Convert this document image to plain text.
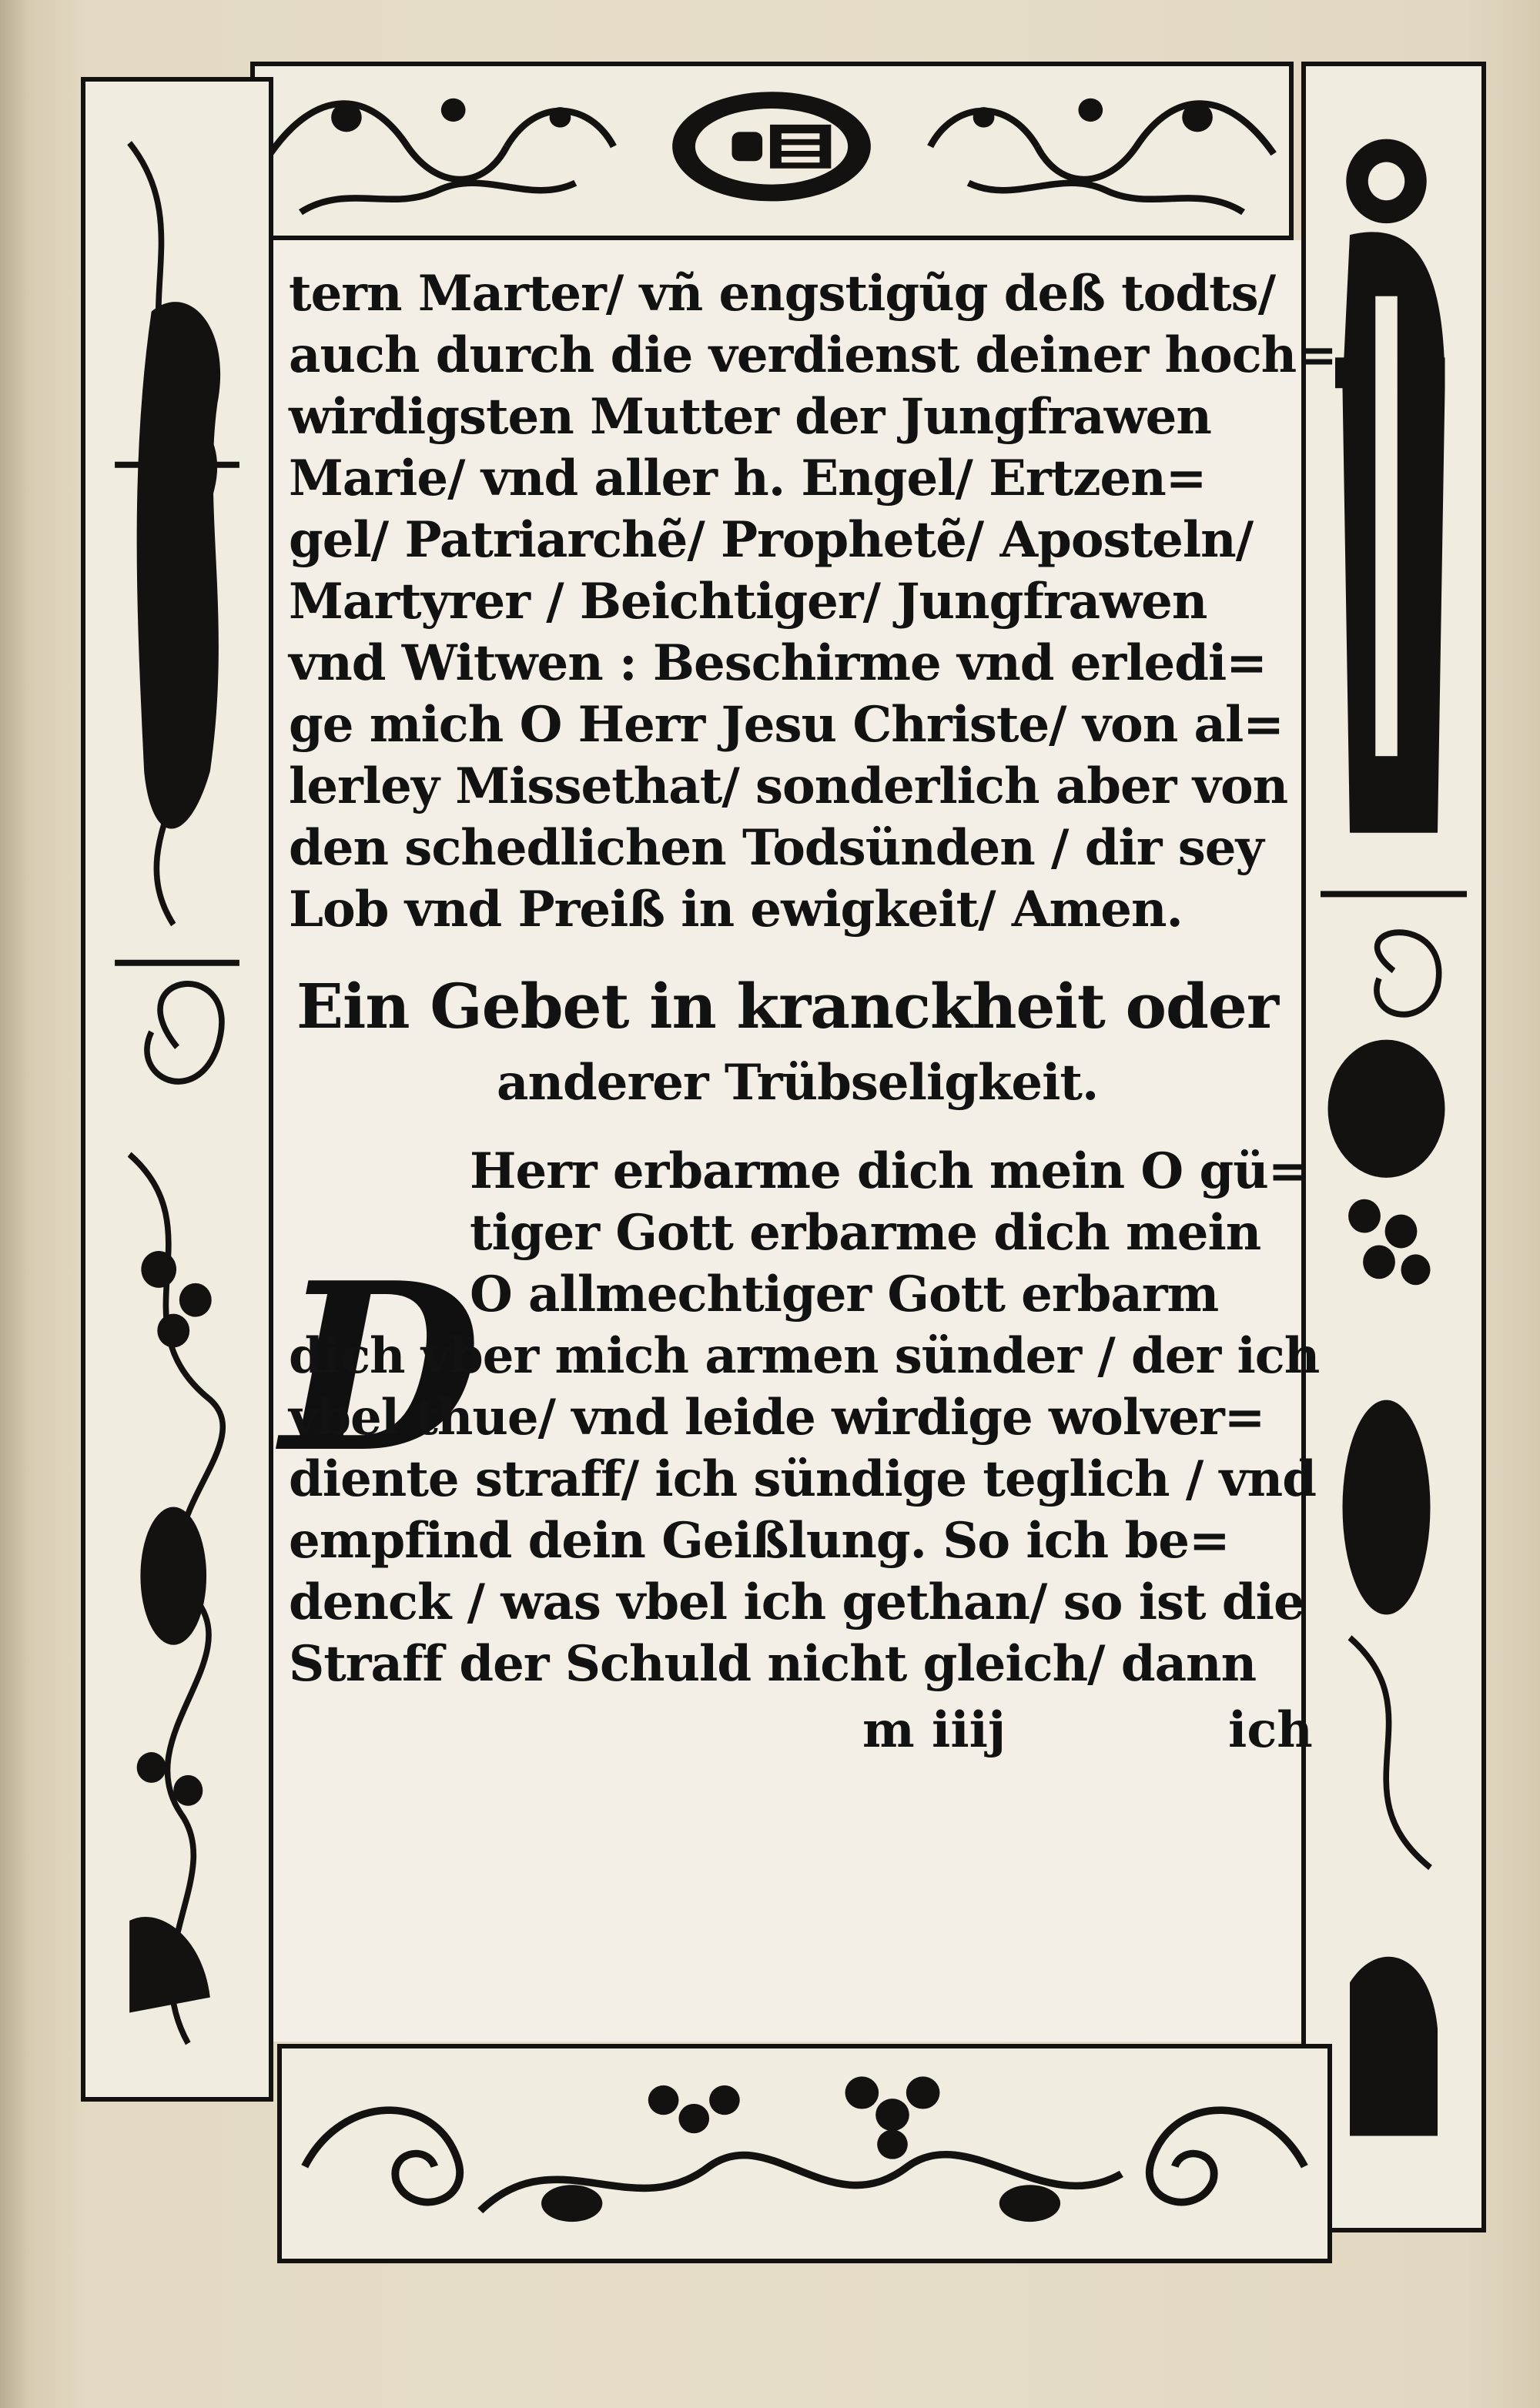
tern Marter/ vñ engstigũg deß todts/
auch durch die verdienst deiner hoch=
wirdigsten Mutter der Jungfrawen
Marie/ vnd aller h. Engel/ Ertzen=
gel/ Patriarchẽ/ Prophetẽ/ Aposteln/
Martyrer / Beichtiger/ Jungfrawen
vnd Witwen : Beschirme vnd erledi=
ge mich O Herr Jesu Christe/ von al=
lerley Missethat/ sonderlich aber von
den schedlichen Todsünden / dir sey
Lob vnd Preiß in ewigkeit/ Amen.
Ein Gebet in kranckheit oder
anderer Trübseligkeit.
D
Herr erbarme dich mein O gü=
tiger Gott erbarme dich mein
O allmechtiger Gott erbarm
dich vber mich armen sünder / der ich
vbel thue/ vnd leide wirdige wolver=
diente straff/ ich sündige teglich / vnd
empfind dein Geißlung. So ich be=
denck / was vbel ich gethan/ so ist die
Straff der Schuld nicht gleich/ dann
m iiij	ich
